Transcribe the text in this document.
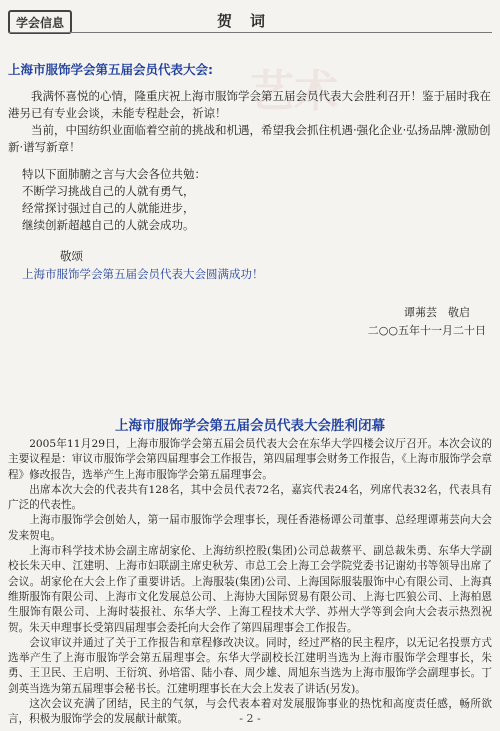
艺术
学会信息	贺词
上海市服饰学会第五届会员代表大会:
我满怀喜悦的心情，隆重庆祝上海市服饰学会第五届会员代表大会胜利召开！鉴于届时我在港另已有专业会谈，未能专程赴会，祈谅！
当前，中国纺织业面临着空前的挑战和机遇，希望我会抓住机遇·强化企业·弘扬品牌·激励创新·谱写新章！
特以下面肺腑之言与大会各位共勉：
不断学习挑战自己的人就有勇气，
经常探讨强过自己的人就能进步，
继续创新超越自己的人就会成功。
敬颂
上海市服饰学会第五届会员代表大会圆满成功！
谭茀芸　敬启
二○○五年十一月二十日
上海市服饰学会第五届会员代表大会胜利闭幕

2005年11月29日，上海市服饰学会第五届会员代表大会在东华大学四楼会议厅召开。本次会议的主要议程是：审议市服饰学会第四届理事会工作报告，第四届理事会财务工作报告，《上海市服饰学会章程》修改报告，选举产生上海市服饰学会第五届理事会。

出席本次大会的代表共有128名，其中会员代表72名，嘉宾代表24名，列席代表32名，代表具有广泛的代表性。

上海市服饰学会创始人，第一届市服饰学会理事长，现任香港杨谭公司董事、总经理谭茀芸向大会发来贺电。

上海市科学技术协会副主席胡家伦、上海纺织控股(集团)公司总裁蔡平、副总裁朱勇、东华大学副校长朱天申、江建明、上海市妇联副主席史秋芳、市总工会上海工会学院党委书记谢幼书等领导出席了会议。胡家伦在大会上作了重要讲话。上海服装(集团)公司、上海国际服装服饰中心有限公司、上海真维斯服饰有限公司、上海市文化发展总公司、上海协大国际贸易有限公司、上海七匹狼公司、上海柏恩生服饰有限公司、上海时装报社、东华大学、上海工程技术大学、苏州大学等到会向大会表示热烈祝贺。朱天申理事长受第四届理事会委托向大会作了第四届理事会工作报告。

会议审议并通过了关于工作报告和章程修改决议。同时，经过严格的民主程序，以无记名投票方式选举产生了上海市服饰学会第五届理事会。东华大学副校长江建明当选为上海市服饰学会理事长，朱勇、王卫民、王启明、王衍筑、孙培雷、陆小春、周少雄、周旭东当选为上海市服饰学会副理事长。丁剑英当选为第五届理事会秘书长。江建明理事长在大会上发表了讲话(另发)。

这次会议充满了团结，民主的气氛，与会代表本着对发展服饰事业的热忱和高度责任感，畅所欲言，积极为服饰学会的发展献计献策。	- 2 -
